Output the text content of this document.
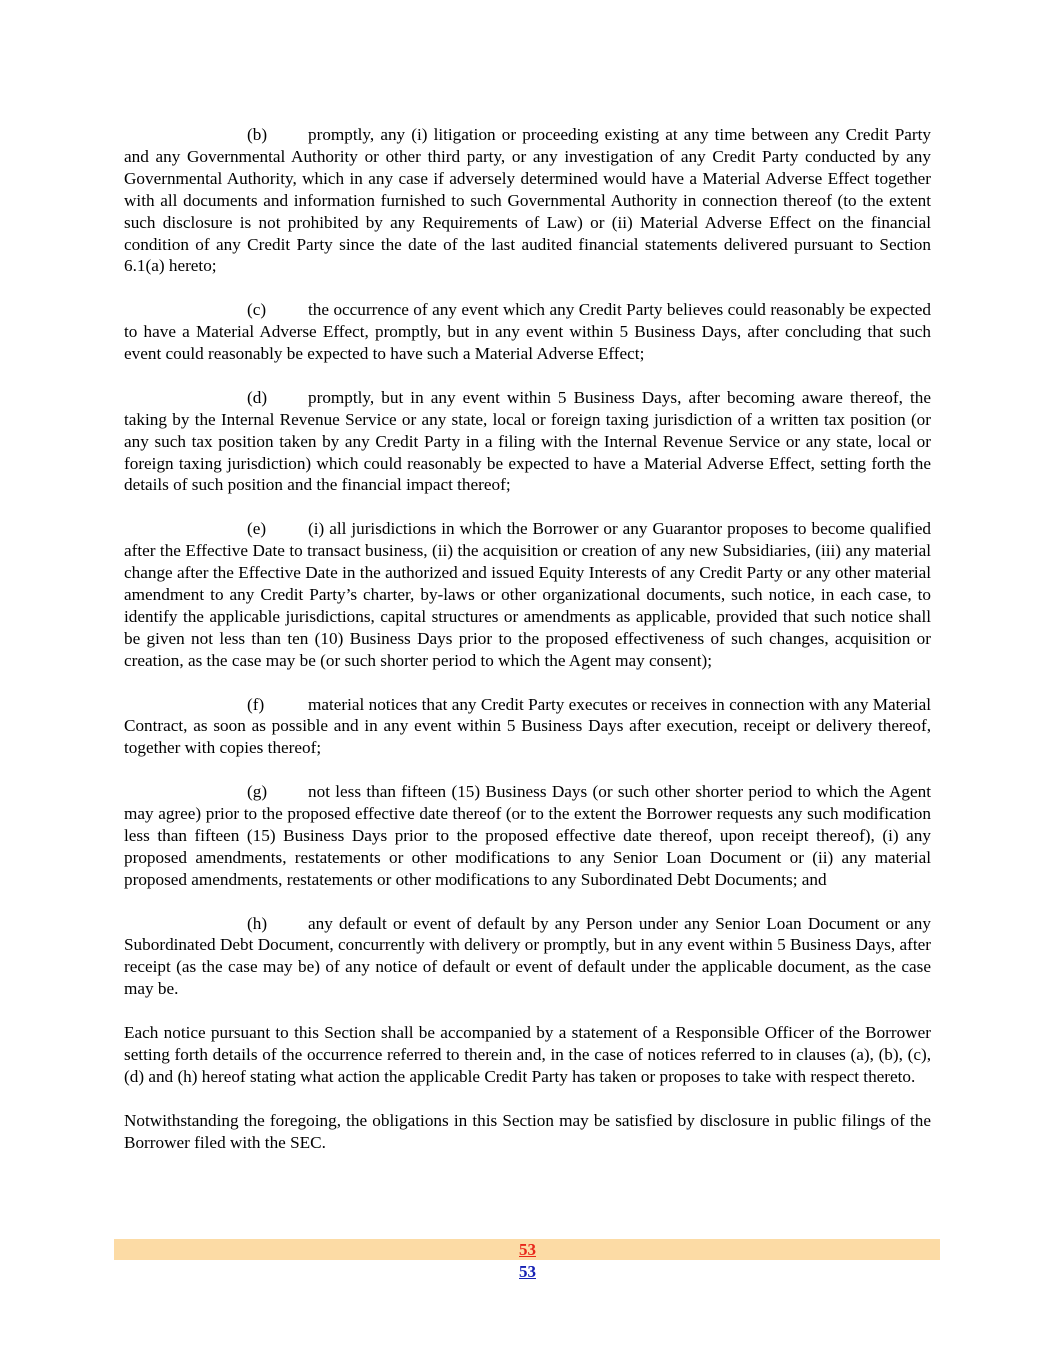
(b) promptly, any (i) litigation or proceeding existing at any time between any Credit Party and any Governmental Authority or other third party, or any investigation of any Credit Party conducted by any Governmental Authority, which in any case if adversely determined would have a Material Adverse Effect together with all documents and information furnished to such Governmental Authority in connection thereof (to the extent such disclosure is not prohibited by any Requirements of Law) or (ii) Material Adverse Effect on the financial condition of any Credit Party since the date of the last audited financial statements delivered pursuant to Section 6.1(a) hereto;

(c) the occurrence of any event which any Credit Party believes could reasonably be expected to have a Material Adverse Effect, promptly, but in any event within 5 Business Days, after concluding that such event could reasonably be expected to have such a Material Adverse Effect;

(d) promptly, but in any event within 5 Business Days, after becoming aware thereof, the taking by the Internal Revenue Service or any state, local or foreign taxing jurisdiction of a written tax position (or any such tax position taken by any Credit Party in a filing with the Internal Revenue Service or any state, local or foreign taxing jurisdiction) which could reasonably be expected to have a Material Adverse Effect, setting forth the details of such position and the financial impact thereof;

(e) (i) all jurisdictions in which the Borrower or any Guarantor proposes to become qualified after the Effective Date to transact business, (ii) the acquisition or creation of any new Subsidiaries, (iii) any material change after the Effective Date in the authorized and issued Equity Interests of any Credit Party or any other material amendment to any Credit Party’s charter, by-laws or other organizational documents, such notice, in each case, to identify the applicable jurisdictions, capital structures or amendments as applicable, provided that such notice shall be given not less than ten (10) Business Days prior to the proposed effectiveness of such changes, acquisition or creation, as the case may be (or such shorter period to which the Agent may consent);

(f)	material notices that any Credit Party executes or receives in connection with any Material Contract, as soon as possible and in any event within 5 Business Days after execution, receipt or delivery thereof, together with copies thereof;

(g) not less than fifteen (15) Business Days (or such other shorter period to which the Agent may agree) prior to the proposed effective date thereof (or to the extent the Borrower requests any such modification less than fifteen (15) Business Days prior to the proposed effective date thereof, upon receipt thereof), (i) any proposed amendments, restatements or other modifications to any Senior Loan Document or (ii) any material proposed amendments, restatements or other modifications to any Subordinated Debt Documents; and

(h) any default or event of default by any Person under any Senior Loan Document or any Subordinated Debt Document, concurrently with delivery or promptly, but in any event within 5 Business Days, after receipt (as the case may be) of any notice of default or event of default under the applicable document, as the case may be.

Each notice pursuant to this Section shall be accompanied by a statement of a Responsible Officer of the Borrower setting forth details of the occurrence referred to therein and, in the case of notices referred to in clauses (a), (b), (c), (d) and (h) hereof stating what action the applicable Credit Party has taken or proposes to take with respect thereto.

Notwithstanding the foregoing, the obligations in this Section may be satisfied by disclosure in public filings of the Borrower filed with the SEC.

53
53
